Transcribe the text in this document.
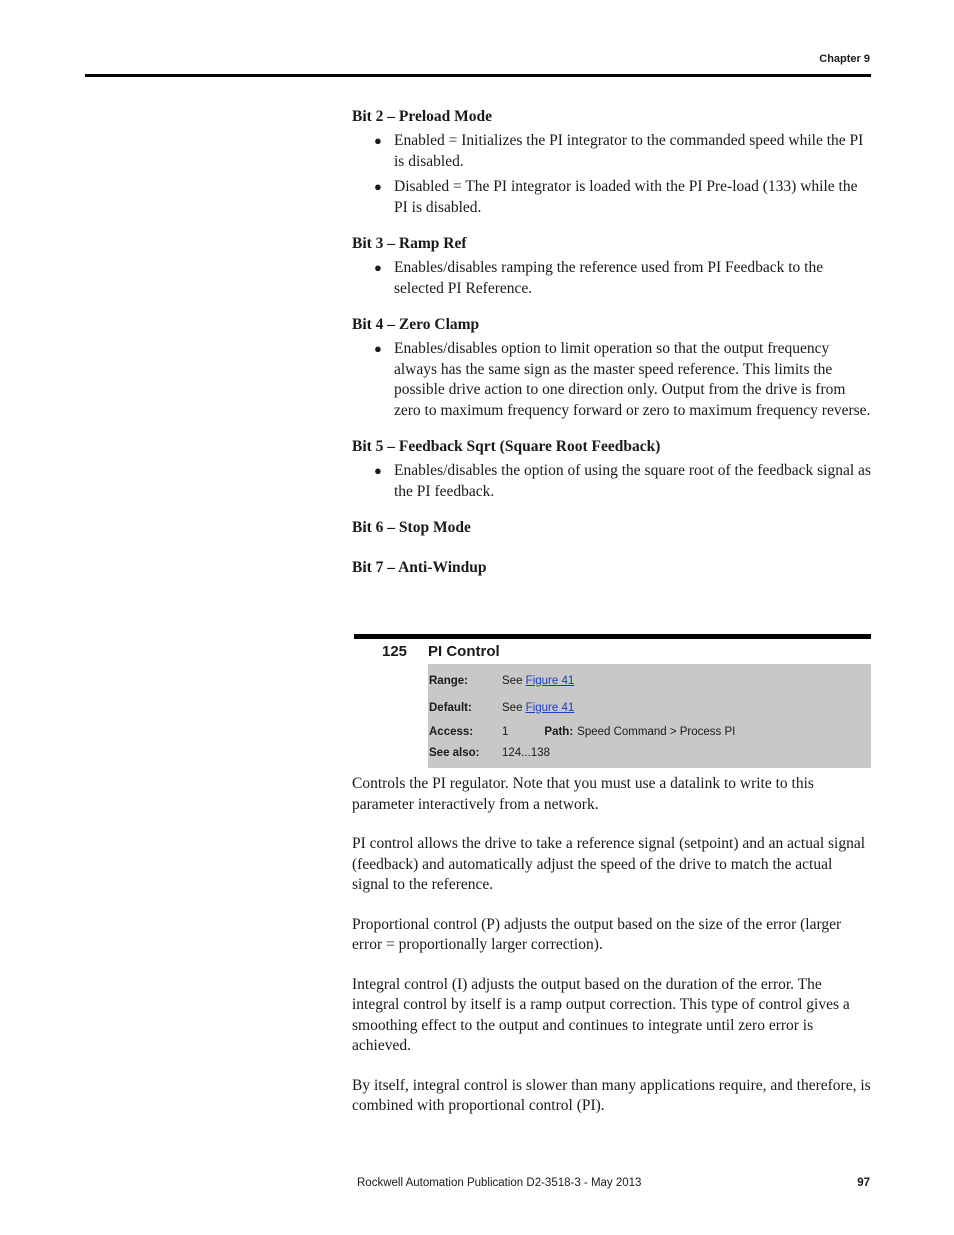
Chapter 9
Bit 2 – Preload Mode
● Enabled = Initializes the PI integrator to the commanded speed while the PI is disabled.
● Disabled = The PI integrator is loaded with the PI Pre-load (133) while the PI is disabled.
Bit 3 – Ramp Ref
● Enables/disables ramping the reference used from PI Feedback to the selected PI Reference.
Bit 4 – Zero Clamp
● Enables/disables option to limit operation so that the output frequency always has the same sign as the master speed reference. This limits the possible drive action to one direction only. Output from the drive is from zero to maximum frequency forward or zero to maximum frequency reverse.
Bit 5 – Feedback Sqrt (Square Root Feedback)
● Enables/disables the option of using the square root of the feedback signal as the PI feedback.
Bit 6 – Stop Mode
Bit 7 – Anti-Windup
125	PI Control
Range:	See Figure 41
Default:	See Figure 41
Access:	1	Path: Speed Command > Process PI
See also:	124...138

Controls the PI regulator. Note that you must use a datalink to write to this parameter interactively from a network.

PI control allows the drive to take a reference signal (setpoint) and an actual signal (feedback) and automatically adjust the speed of the drive to match the actual signal to the reference.

Proportional control (P) adjusts the output based on the size of the error (larger error = proportionally larger correction).

Integral control (I) adjusts the output based on the duration of the error. The integral control by itself is a ramp output correction. This type of control gives a smoothing effect to the output and continues to integrate until zero error is achieved.

By itself, integral control is slower than many applications require, and therefore, is combined with proportional control (PI).

Rockwell Automation Publication D2-3518-3 - May 2013	97
